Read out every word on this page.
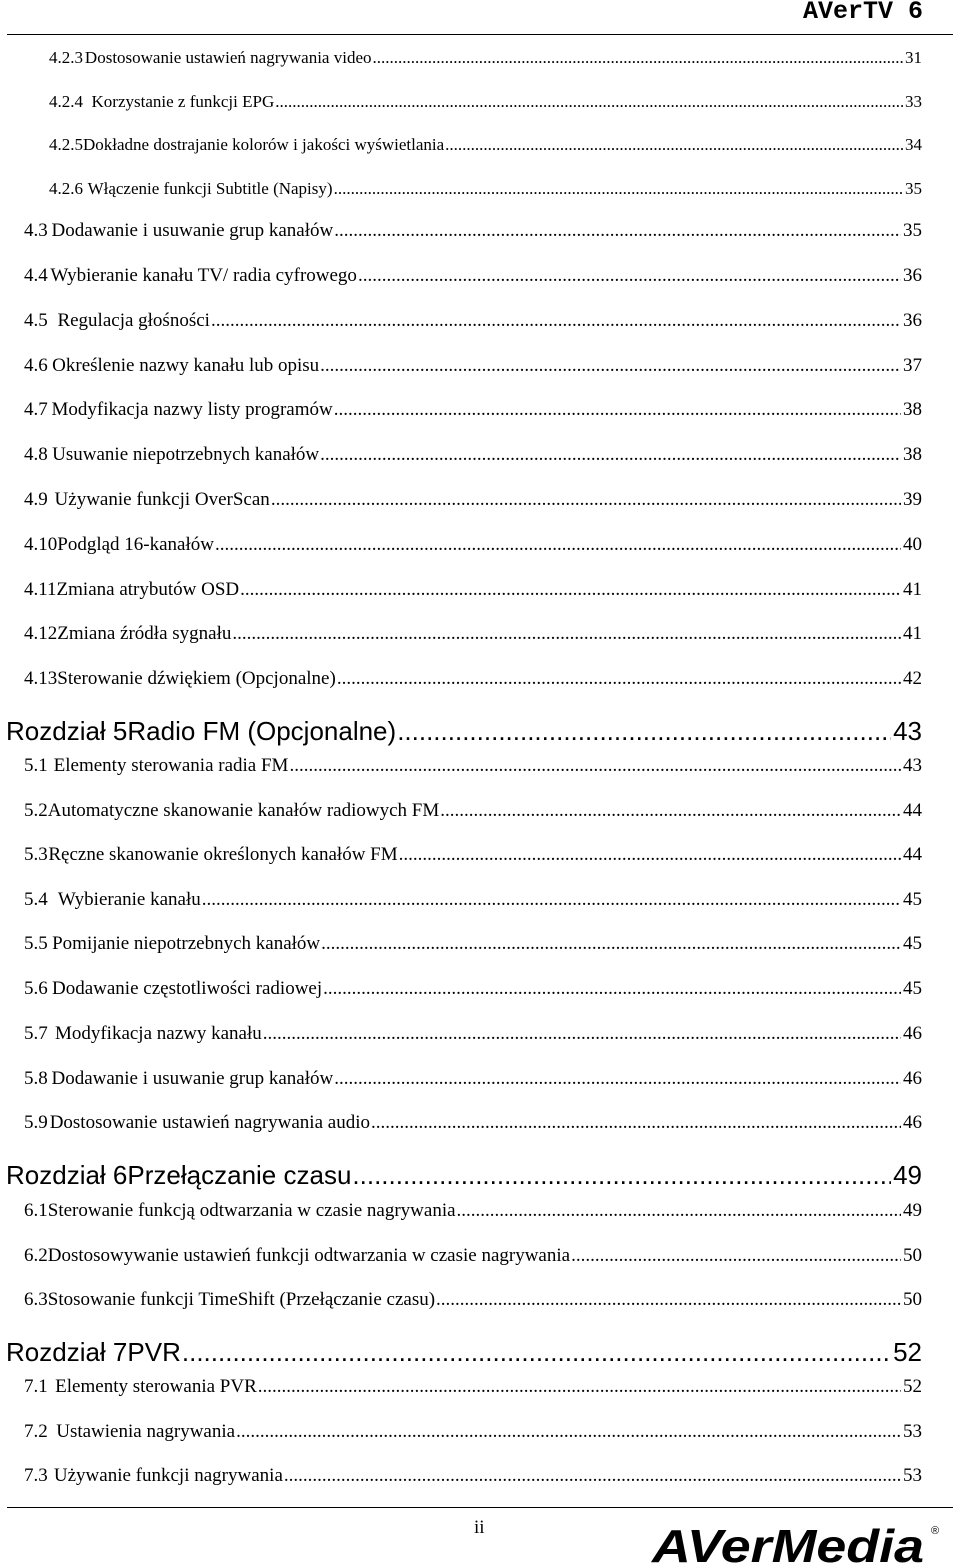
AVerTV 6
4.2.3 Dostosowanie ustawień nagrywania video .....	31
4.2.4 Korzystanie z funkcji EPG .....	33
4.2.5 Dokładne dostrajanie kolorów i jakości wyświetlania .....	34
4.2.6 Włączenie funkcji Subtitle (Napisy) .....	35
4.3 Dodawanie i usuwanie grup kanałów .....	35
4.4 Wybieranie kanału TV/ radia cyfrowego .....	36
4.5 Regulacja głośności .....	36
4.6 Określenie nazwy kanału lub opisu .....	37
4.7 Modyfikacja nazwy listy programów .....	38
4.8 Usuwanie niepotrzebnych kanałów .....	38
4.9 Używanie funkcji OverScan .....	39
4.10 Podgląd 16-kanałów .....	40
4.11 Zmiana atrybutów OSD .....	41
4.12 Zmiana źródła sygnału .....	41
4.13 Sterowanie dźwiękiem (Opcjonalne) .....	42
Rozdział 5 Radio FM (Opcjonalne) .....	43
5.1 Elementy sterowania radia FM .....	43
5.2 Automatyczne skanowanie kanałów radiowych FM .....	44
5.3 Ręczne skanowanie określonych kanałów FM .....	44
5.4 Wybieranie kanału .....	45
5.5 Pomijanie niepotrzebnych kanałów .....	45
5.6 Dodawanie częstotliwości radiowej .....	45
5.7 Modyfikacja nazwy kanału .....	46
5.8 Dodawanie i usuwanie grup kanałów .....	46
5.9 Dostosowanie ustawień nagrywania audio .....	46
Rozdział 6 Przełączanie czasu .....	49
6.1 Sterowanie funkcją odtwarzania w czasie nagrywania .....	49
6.2 Dostosowywanie ustawień funkcji odtwarzania w czasie nagrywania .....	50
6.3 Stosowanie funkcji TimeShift (Przełączanie czasu) .....	50
Rozdział 7 PVR .....	52
7.1 Elementy sterowania PVR .....	52
7.2 Ustawienia nagrywania .....	53
7.3 Używanie funkcji nagrywania .....	53
ii	AVerMedia ®
